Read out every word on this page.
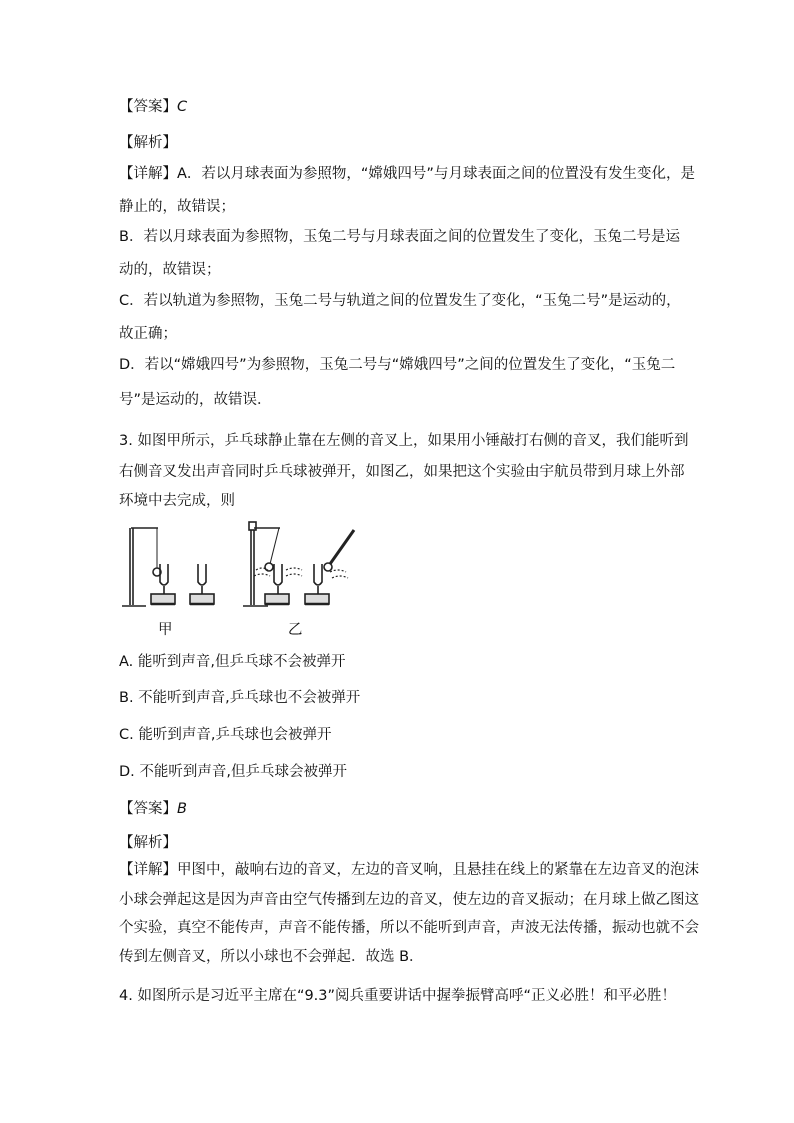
【答案】C
【解析】
【详解】A．若以月球表面为参照物，“嫦娥四号”与月球表面之间的位置没有发生变化，是
静止的，故错误；
B．若以月球表面为参照物，玉兔二号与月球表面之间的位置发生了变化，玉兔二号是运
动的，故错误；
C．若以轨道为参照物，玉兔二号与轨道之间的位置发生了变化，“玉兔二号”是运动的，
故正确；
D．若以“嫦娥四号”为参照物，玉兔二号与“嫦娥四号”之间的位置发生了变化，“玉兔二
号”是运动的，故错误．
3. 如图甲所示，乒乓球静止靠在左侧的音叉上，如果用小锤敲打右侧的音叉，我们能听到
右侧音叉发出声音同时乒乓球被弹开，如图乙，如果把这个实验由宇航员带到月球上外部
环境中去完成，则
甲	乙
A. 能听到声音,但乒乓球不会被弹开
B. 不能听到声音,乒乓球也不会被弹开
C. 能听到声音,乒乓球也会被弹开
D. 不能听到声音,但乒乓球会被弹开
【答案】B
【解析】
【详解】甲图中，敲响右边的音叉，左边的音叉响，且悬挂在线上的紧靠在左边音叉的泡沫
小球会弹起这是因为声音由空气传播到左边的音叉，使左边的音叉振动；在月球上做乙图这
个实验，真空不能传声，声音不能传播，所以不能听到声音，声波无法传播，振动也就不会
传到左侧音叉，所以小球也不会弹起．故选 B．
4. 如图所示是习近平主席在“9.3”阅兵重要讲话中握拳振臂高呼“正义必胜！和平必胜！
